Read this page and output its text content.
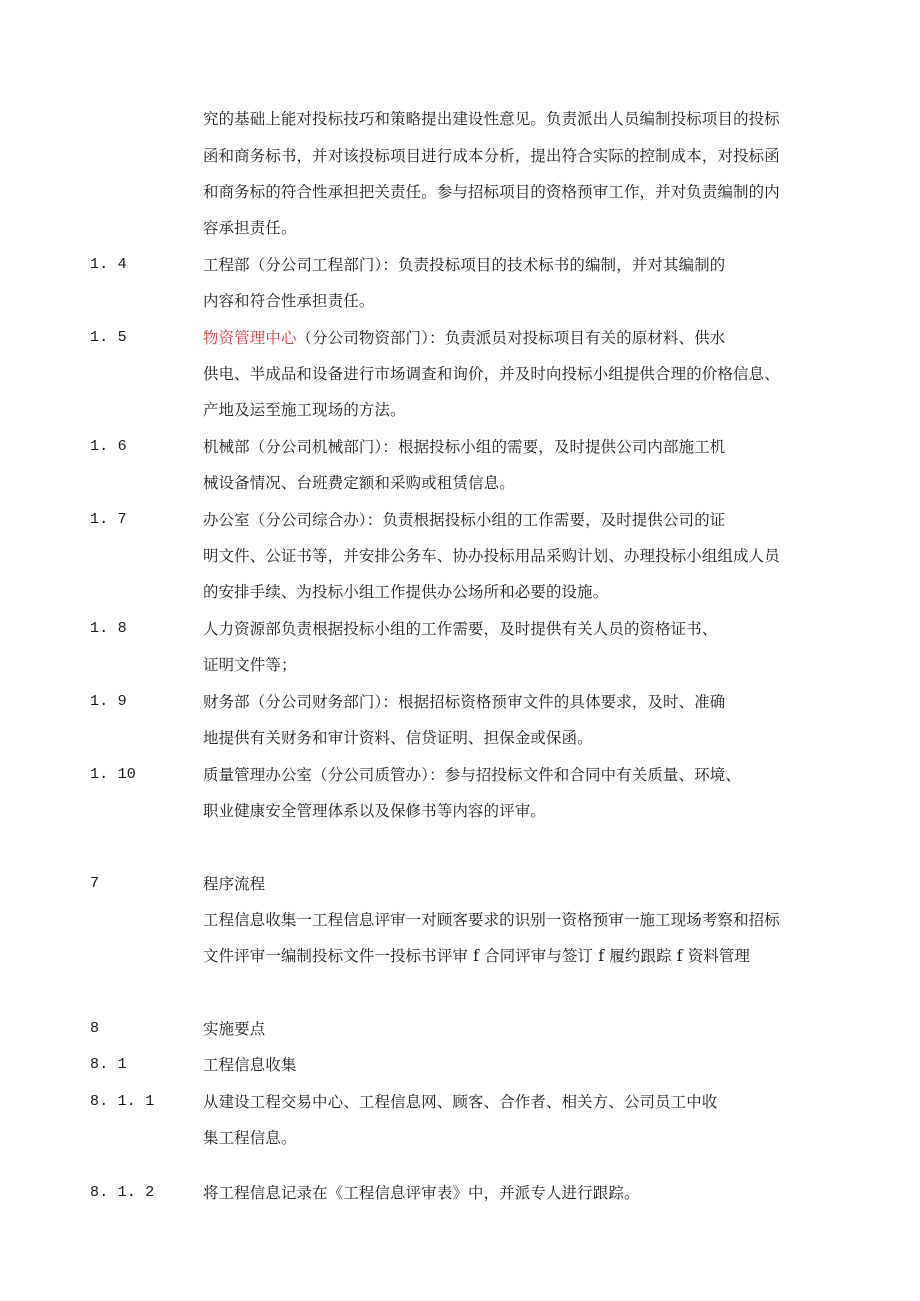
究的基础上能对投标技巧和策略提出建设性意见。负责派出人员编制投标项目的投标
函和商务标书，并对该投标项目进行成本分析，提出符合实际的控制成本，对投标函
和商务标的符合性承担把关责任。参与招标项目的资格预审工作，并对负责编制的内
容承担责任。
1. 4	工程部（分公司工程部门）：负责投标项目的技术标书的编制，并对其编制的
内容和符合性承担责任。
1. 5	物资管理中心（分公司物资部门）：负责派员对投标项目有关的原材料、供水
供电、半成品和设备进行市场调查和询价，并及时向投标小组提供合理的价格信息、
产地及运至施工现场的方法。
1. 6	机械部（分公司机械部门）：根据投标小组的需要，及时提供公司内部施工机
械设备情况、台班费定额和采购或租赁信息。
1. 7	办公室（分公司综合办）：负责根据投标小组的工作需要，及时提供公司的证
明文件、公证书等，并安排公务车、协办投标用品采购计划、办理投标小组组成人员
的安排手续、为投标小组工作提供办公场所和必要的设施。
1. 8	人力资源部负责根据投标小组的工作需要，及时提供有关人员的资格证书、
证明文件等；
1. 9	财务部（分公司财务部门）：根据招标资格预审文件的具体要求，及时、准确
地提供有关财务和审计资料、信贷证明、担保金或保函。
1. 10	质量管理办公室（分公司质管办）：参与招投标文件和合同中有关质量、环境、
职业健康安全管理体系以及保修书等内容的评审。
7	程序流程
工程信息收集一工程信息评审一对顾客要求的识别一资格预审一施工现场考察和招标
文件评审一编制投标文件一投标书评审 f 合同评审与签订 f 履约跟踪 f 资料管理
8	实施要点
8. 1	工程信息收集
8. 1. 1	从建设工程交易中心、工程信息网、顾客、合作者、相关方、公司员工中收
集工程信息。
8. 1. 2	将工程信息记录在《工程信息评审表》中，并派专人进行跟踪。
